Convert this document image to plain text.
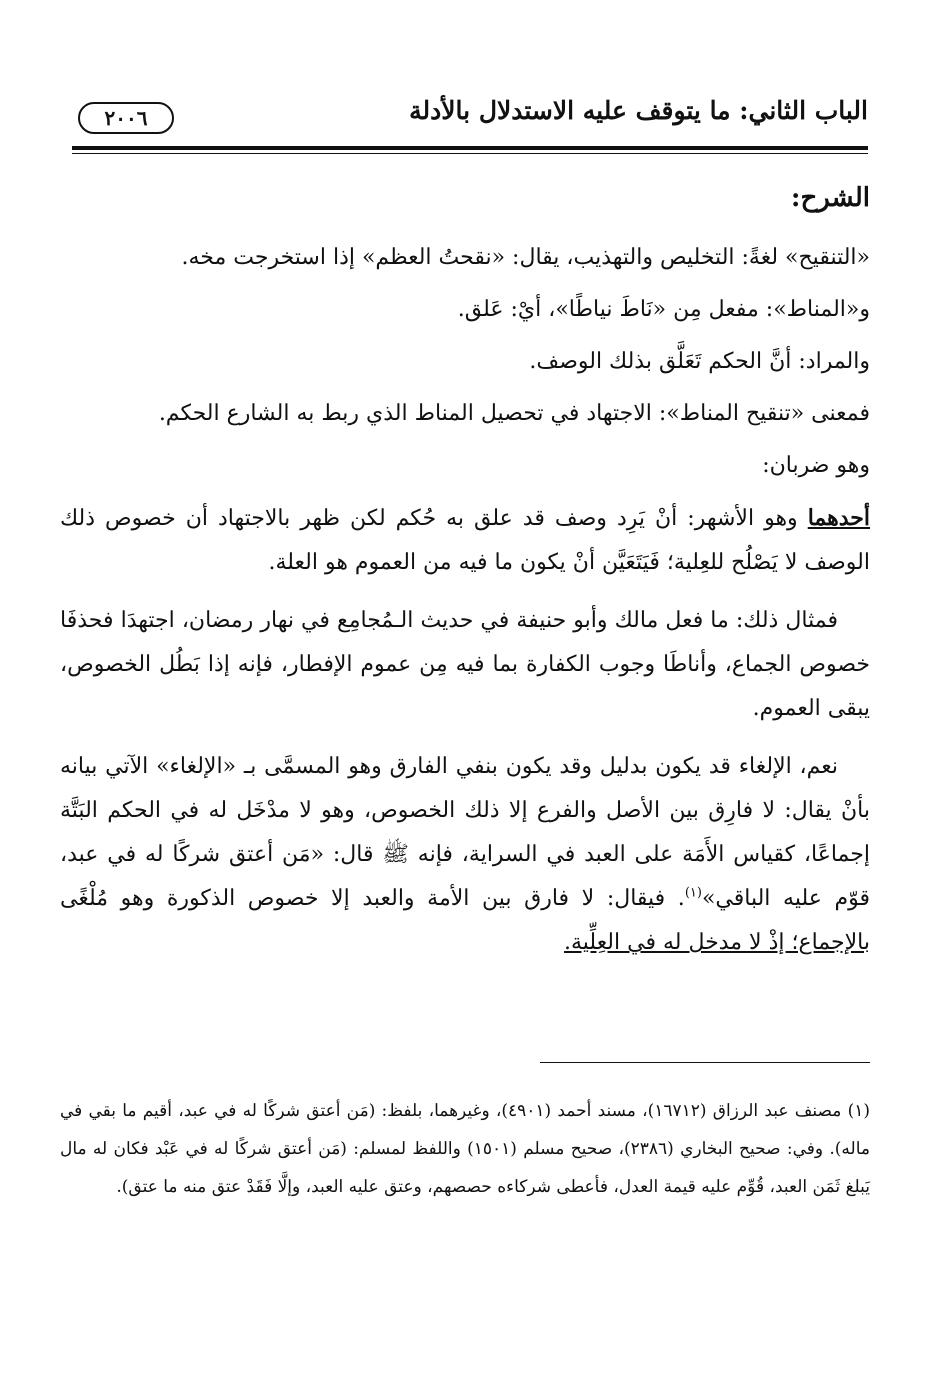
الباب الثاني: ما يتوقف عليه الاستدلال بالأدلة
٢٠٠٦
الشرح:

«التنقيح» لغةً: التخليص والتهذيب، يقال: «نقحتُ العظم» إذا استخرجت مخه.

و«المناط»: مفعل مِن «نَاطَ نياطًا»، أيْ: عَلق.

والمراد: أنَّ الحكم تَعَلَّق بذلك الوصف.

فمعنى «تنقيح المناط»: الاجتهاد في تحصيل المناط الذي ربط به الشارع الحكم.

وهو ضربان:

أحدهما وهو الأشهر: أنْ يَرِد وصف قد علق به حُكم لكن ظهر بالاجتهاد أن خصوص ذلك الوصف لا يَصْلُح للعِلية؛ فَيَتَعَيَّن أنْ يكون ما فيه من العموم هو العلة.

فمثال ذلك: ما فعل مالك وأبو حنيفة في حديث الـمُجامِع في نهار رمضان، اجتهدَا فحذفَا خصوص الجماع، وأناطَا وجوب الكفارة بما فيه مِن عموم الإفطار، فإنه إذا بَطُل الخصوص، يبقى العموم.

نعم، الإلغاء قد يكون بدليل وقد يكون بنفي الفارق وهو المسمَّى بـ «الإلغاء» الآتي بيانه بأنْ يقال: لا فارِق بين الأصل والفرع إلا ذلك الخصوص، وهو لا مدْخَل له في الحكم البَتَّة إجماعًا، كقياس الأَمَة على العبد في السراية، فإنه ﷺ قال: «مَن أعتق شركًا له في عبد، قوّم عليه الباقي»$^{(١)}$. فيقال: لا فارق بين الأمة والعبد إلا خصوص الذكورة وهو مُلْغًى بالإجماع؛ إذْ لا مدخل له في العِلِّية.

(١) مصنف عبد الرزاق (١٦٧١٢)، مسند أحمد (٤٩٠١)، وغيرهما، بلفظ: (مَن أعتق شركًا له في عبد، أقيم ما بقي في ماله). وفي: صحيح البخاري (٢٣٨٦)، صحيح مسلم (١٥٠١) واللفظ لمسلم: (مَن أعتق شركًا له في عَبْد فكان له مال يَبلغ ثَمَن العبد، قُوِّم عليه قيمة العدل، فأعطى شركاءه حصصهم، وعتق عليه العبد، وإلَّا فَقَدْ عتق منه ما عتق).
